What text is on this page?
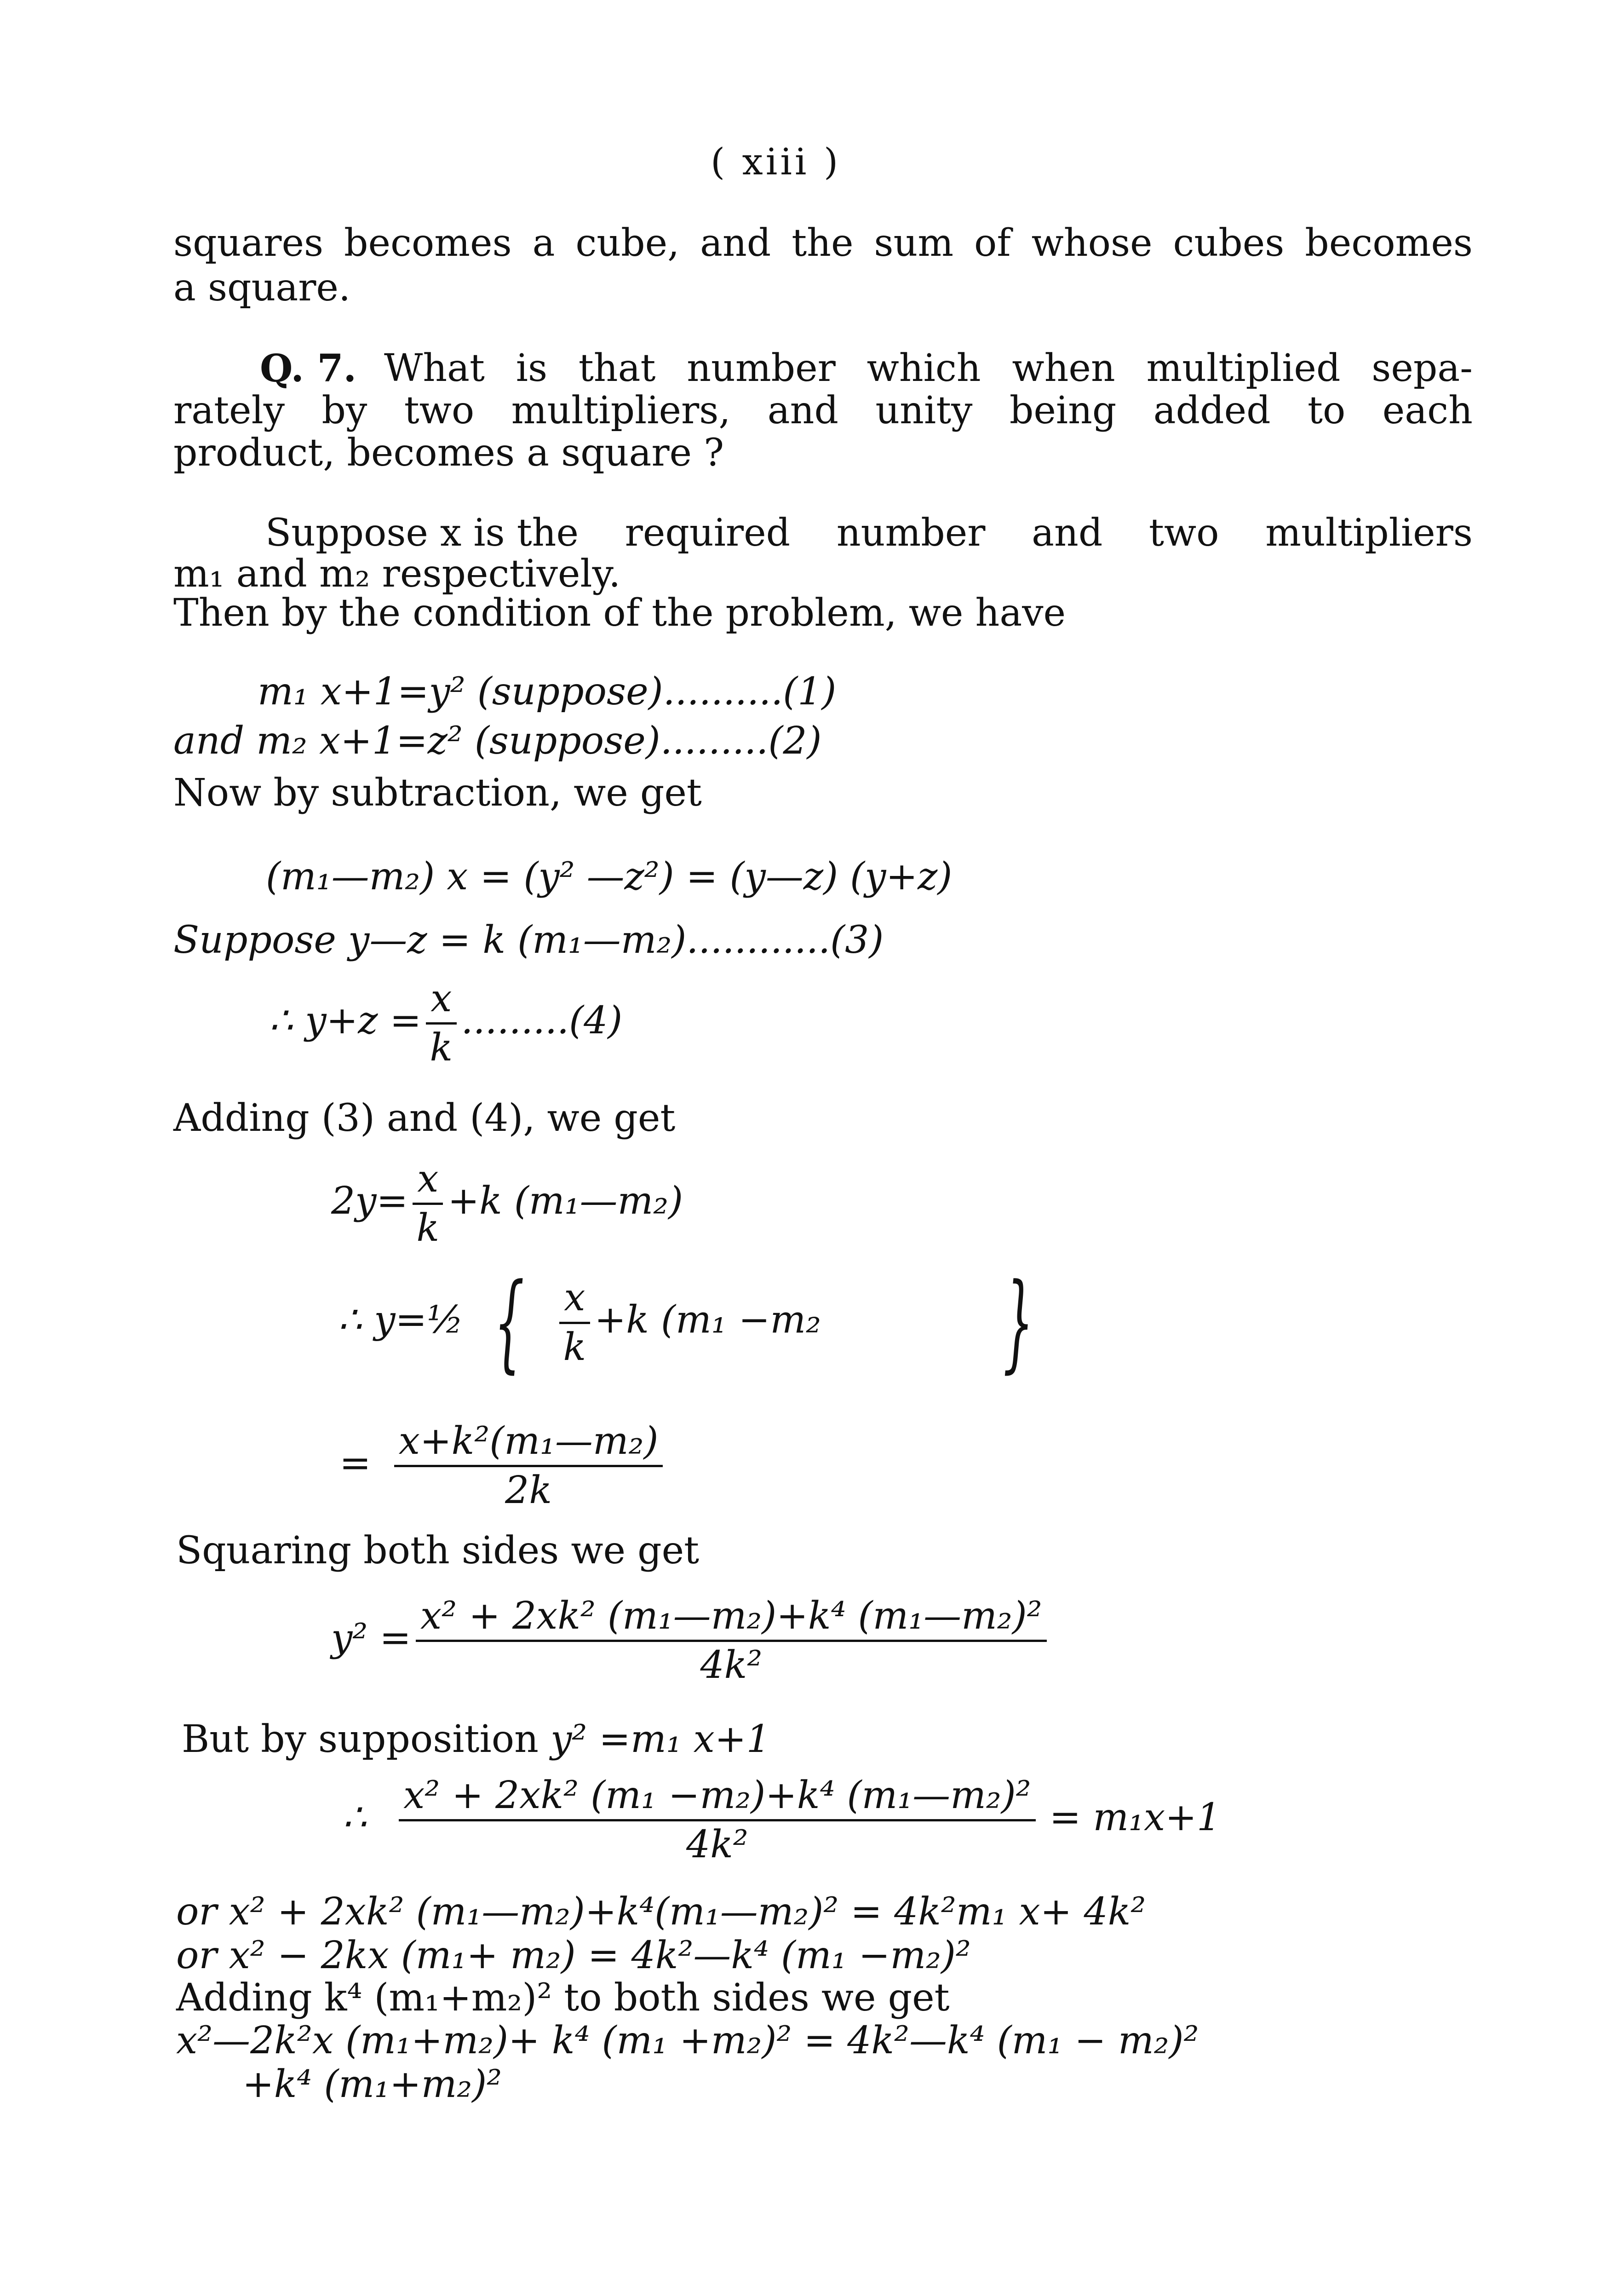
( xiii )
squares becomes a cube, and the sum of whose cubes becomes
a square.
Q. 7. What is that number which when multiplied sepa-
rately by two multipliers, and unity being added to each
product, becomes a square ?
Suppose x is the required number and two multipliers
m₁ and m₂ respectively.
Then by the condition of the problem, we have
m₁ x+1=y² (suppose)..........(1)
and m₂ x+1=z² (suppose).........(2)
Now by subtraction, we get
(m₁—m₂) x = (y² —z²) = (y—z) (y+z)
Suppose y—z = k (m₁—m₂)............(3)
∴ $y+z = \frac{x}{k} .........(4)$
Adding (3) and (4), we get
$2y= \frac{x}{k} +k$ (m₁—m₂)
∴ y=½ { $\frac{x}{k} +k$ (m₁ −m₂ }
= $\frac{\text{x+k²(m₁—m₂)}}{2k}$
Squaring both sides we get
$y^2 = \frac{\text{x² + 2xk² (m₁—m₂)+k⁴ (m₁—m₂)²}}{\text{4k²}}$
But by supposition y² =m₁ x+1
∴ $\frac{\text{x² + 2xk² (m₁ −m₂)+k⁴ (m₁—m₂)²}}{\text{4k²}} = m_1x+1$
or x² + 2xk² (m₁—m₂)+k⁴(m₁—m₂)² = 4k²m₁ x+ 4k²
or x² − 2kx (m₁+ m₂) = 4k²—k⁴ (m₁ −m₂)²
Adding k⁴ (m₁+m₂)² to both sides we get
x²—2k²x (m₁+m₂)+ k⁴ (m₁ +m₂)² = 4k²—k⁴ (m₁ − m₂)²
+k⁴ (m₁+m₂)²
